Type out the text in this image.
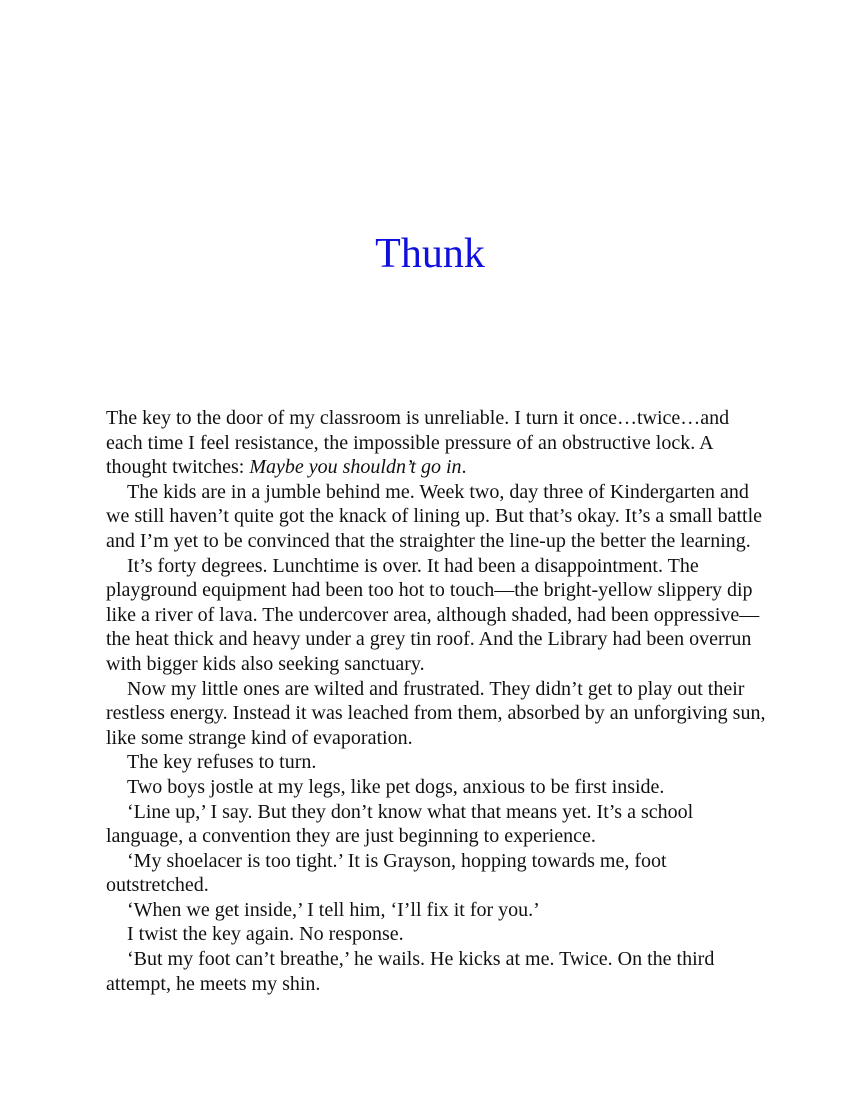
Thunk

The key to the door of my classroom is unreliable. I turn it once…twice…and each time I feel resistance, the impossible pressure of an obstructive lock. A thought twitches: Maybe you shouldn’t go in.

The kids are in a jumble behind me. Week two, day three of Kindergarten and we still haven’t quite got the knack of lining up. But that’s okay. It’s a small battle and I’m yet to be convinced that the straighter the line-up the better the learning.

It’s forty degrees. Lunchtime is over. It had been a disappointment. The playground equipment had been too hot to touch—the bright-yellow slippery dip like a river of lava. The undercover area, although shaded, had been oppressive—the heat thick and heavy under a grey tin roof. And the Library had been overrun with bigger kids also seeking sanctuary.

Now my little ones are wilted and frustrated. They didn’t get to play out their restless energy. Instead it was leached from them, absorbed by an unforgiving sun, like some strange kind of evaporation.

The key refuses to turn.

Two boys jostle at my legs, like pet dogs, anxious to be first inside.

‘Line up,’ I say. But they don’t know what that means yet. It’s a school language, a convention they are just beginning to experience.

‘My shoelacer is too tight.’ It is Grayson, hopping towards me, foot outstretched.

‘When we get inside,’ I tell him, ‘I’ll fix it for you.’

I twist the key again. No response.

‘But my foot can’t breathe,’ he wails. He kicks at me. Twice. On the third attempt, he meets my shin.
